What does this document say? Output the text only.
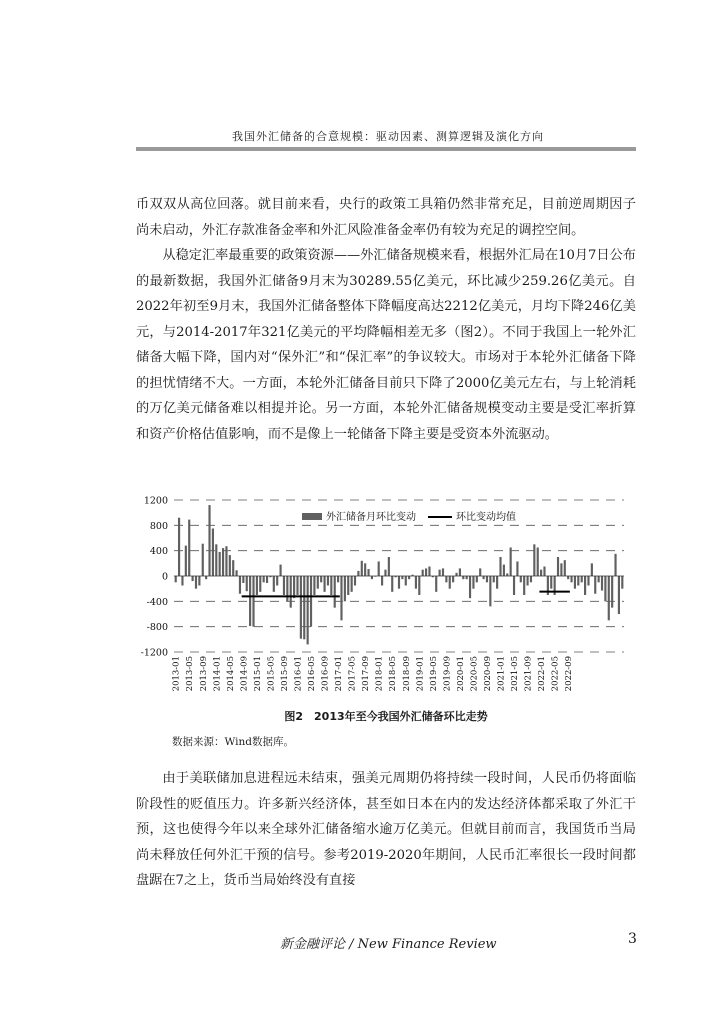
我国外汇储备的合意规模：驱动因素、测算逻辑及演化方向

币双双从高位回落。就目前来看，央行的政策工具箱仍然非常充足，目前逆周期因子尚未启动，外汇存款准备金率和外汇风险准备金率仍有较为充足的调控空间。

从稳定汇率最重要的政策资源——外汇储备规模来看，根据外汇局在10月7日公布的最新数据，我国外汇储备9月末为30289.55亿美元，环比减少259.26亿美元。自2022年初至9月末，我国外汇储备整体下降幅度高达2212亿美元，月均下降246亿美元，与2014-2017年321亿美元的平均降幅相差无多（图2）。不同于我国上一轮外汇储备大幅下降，国内对“保外汇”和“保汇率”的争议较大。市场对于本轮外汇储备下降的担忧情绪不大。一方面，本轮外汇储备目前只下降了2000亿美元左右，与上轮消耗的万亿美元储备难以相提并论。另一方面，本轮外汇储备规模变动主要是受汇率折算和资产价格估值影响，而不是像上一轮储备下降主要是受资本外流驱动。

1200
800
400
0
-400
-800
-1200
2013-01 2013-05 2013-09 2014-01 2014-05 2014-09 2015-01 2015-05 2015-09 2016-01 2016-05 2016-09 2017-01 2017-05 2017-09 2018-01 2018-05 2018-09 2019-01 2019-05 2019-09 2020-01 2020-05 2020-09 2021-01 2021-05 2021-09 2022-01 2022-05 2022-09
外汇储备月环比变动	环比变动均值
图2　2013年至今我国外汇储备环比走势
数据来源：Wind数据库。

由于美联储加息进程远未结束，强美元周期仍将持续一段时间，人民币仍将面临阶段性的贬值压力。许多新兴经济体，甚至如日本在内的发达经济体都采取了外汇干预，这也使得今年以来全球外汇储备缩水逾万亿美元。但就目前而言，我国货币当局尚未释放任何外汇干预的信号。参考2019-2020年期间，人民币汇率很长一段时间都盘踞在7之上，货币当局始终没有直接

新金融评论 / New Finance Review	3
